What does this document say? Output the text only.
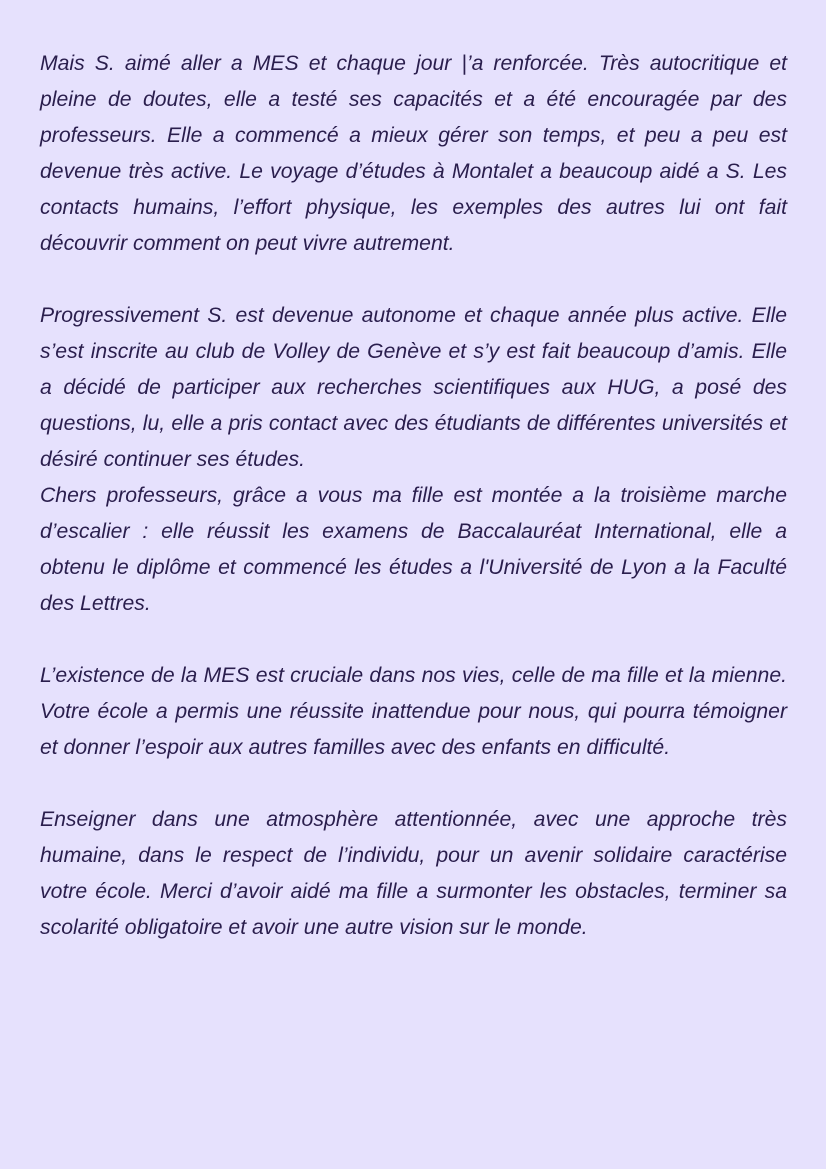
Mais S. aimé aller a MES et chaque jour |’a renforcée. Très autocritique et pleine de doutes, elle a testé ses capacités et a été encouragée par des professeurs. Elle a commencé a mieux gérer son temps, et peu a peu est devenue très active. Le voyage d’études à Montalet a beaucoup aidé a S. Les contacts humains, l’effort physique, les exemples des autres lui ont fait découvrir comment on peut vivre autrement.

Progressivement S. est devenue autonome et chaque année plus active. Elle s’est inscrite au club de Volley de Genève et s’y est fait beaucoup d’amis. Elle a décidé de participer aux recherches scientifiques aux HUG, a posé des questions, lu, elle a pris contact avec des étudiants de différentes universités et désiré continuer ses études.

Chers professeurs, grâce a vous ma fille est montée a la troisième marche d’escalier : elle réussit les examens de Baccalauréat International, elle a obtenu le diplôme et commencé les études a l'Université de Lyon a la Faculté des Lettres.

L’existence de la MES est cruciale dans nos vies, celle de ma fille et la mienne. Votre école a permis une réussite inattendue pour nous, qui pourra témoigner et donner l’espoir aux autres familles avec des enfants en difficulté.

Enseigner dans une atmosphère attentionnée, avec une approche très humaine, dans le respect de l’individu, pour un avenir solidaire caractérise votre école. Merci d’avoir aidé ma fille a surmonter les obstacles, terminer sa scolarité obligatoire et avoir une autre vision sur le monde.
